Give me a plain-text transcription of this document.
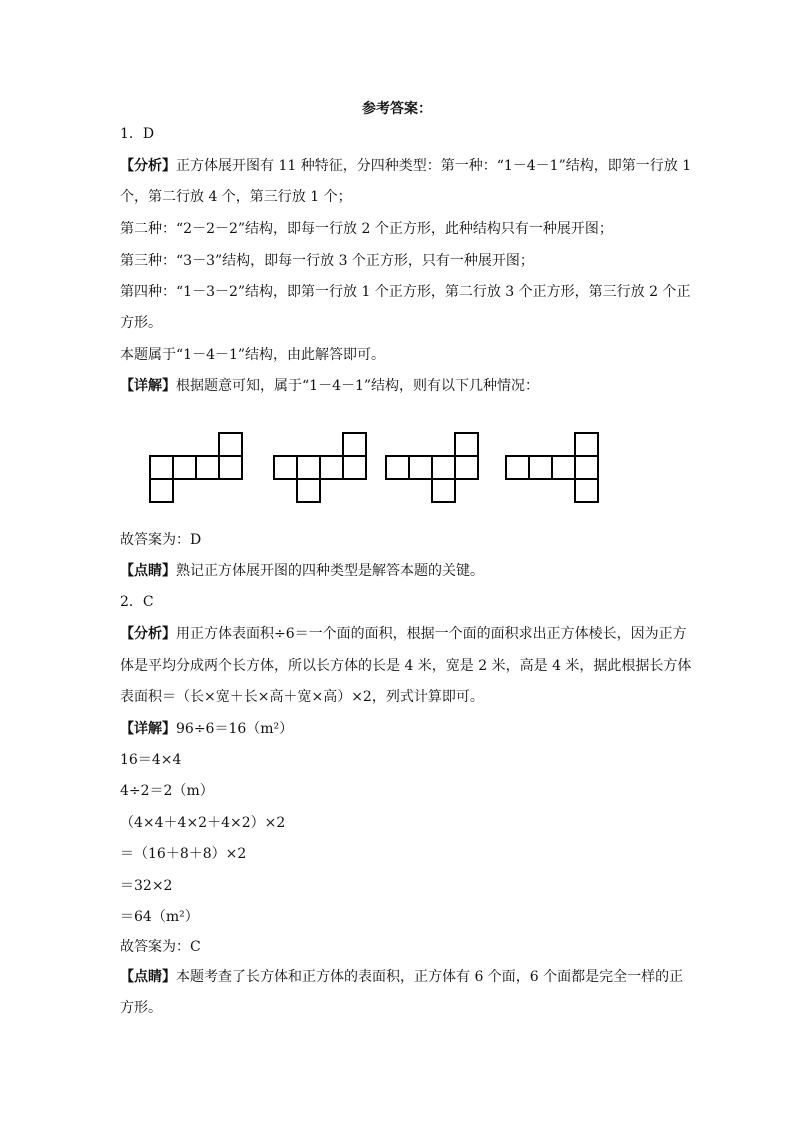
参考答案：
1．D
【分析】正方体展开图有 11 种特征，分四种类型：第一种：“1－4－1”结构，即第一行放 1
个，第二行放 4 个，第三行放 1 个；
第二种：“2－2－2”结构，即每一行放 2 个正方形，此种结构只有一种展开图；
第三种：“3－3”结构，即每一行放 3 个正方形，只有一种展开图；
第四种：“1－3－2”结构，即第一行放 1 个正方形，第二行放 3 个正方形，第三行放 2 个正
方形。
本题属于“1－4－1”结构，由此解答即可。
【详解】根据题意可知，属于“1－4－1”结构，则有以下几种情况：
故答案为：D
【点睛】熟记正方体展开图的四种类型是解答本题的关键。
2．C
【分析】用正方体表面积÷6＝一个面的面积，根据一个面的面积求出正方体棱长，因为正方
体是平均分成两个长方体，所以长方体的长是 4 米，宽是 2 米，高是 4 米，据此根据长方体
表面积＝（长×宽＋长×高＋宽×高）×2，列式计算即可。
【详解】96÷6＝16（m²）
16＝4×4
4÷2＝2（m）
（4×4＋4×2＋4×2）×2
＝（16＋8＋8）×2
＝32×2
＝64（m²）
故答案为：C
【点睛】本题考查了长方体和正方体的表面积，正方体有 6 个面，6 个面都是完全一样的正
方形。
